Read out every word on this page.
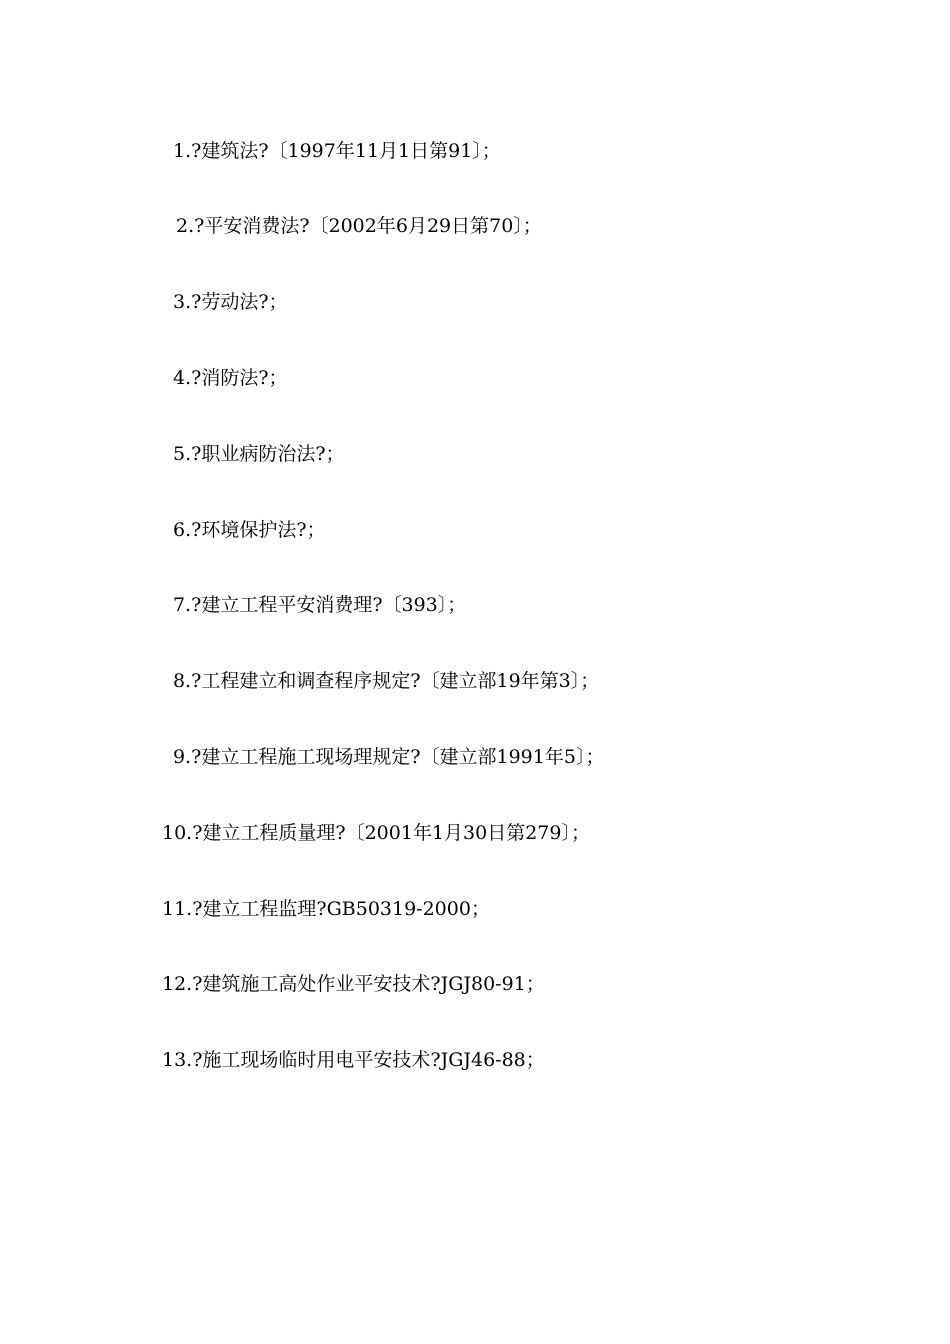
1.?建筑法?〔1997年11月1日第91〕；
2.?平安消费法?〔2002年6月29日第70〕；
3.?劳动法?；
4.?消防法?；
5.?职业病防治法?；
6.?环境保护法?；
7.?建立工程平安消费理?〔393〕；
8.?工程建立和调查程序规定?〔建立部19年第3〕；
9.?建立工程施工现场理规定?〔建立部1991年5〕；
10.?建立工程质量理?〔2001年1月30日第279〕；
11.?建立工程监理?GB50319-2000；
12.?建筑施工高处作业平安技术?JGJ80-91；
13.?施工现场临时用电平安技术?JGJ46-88；
